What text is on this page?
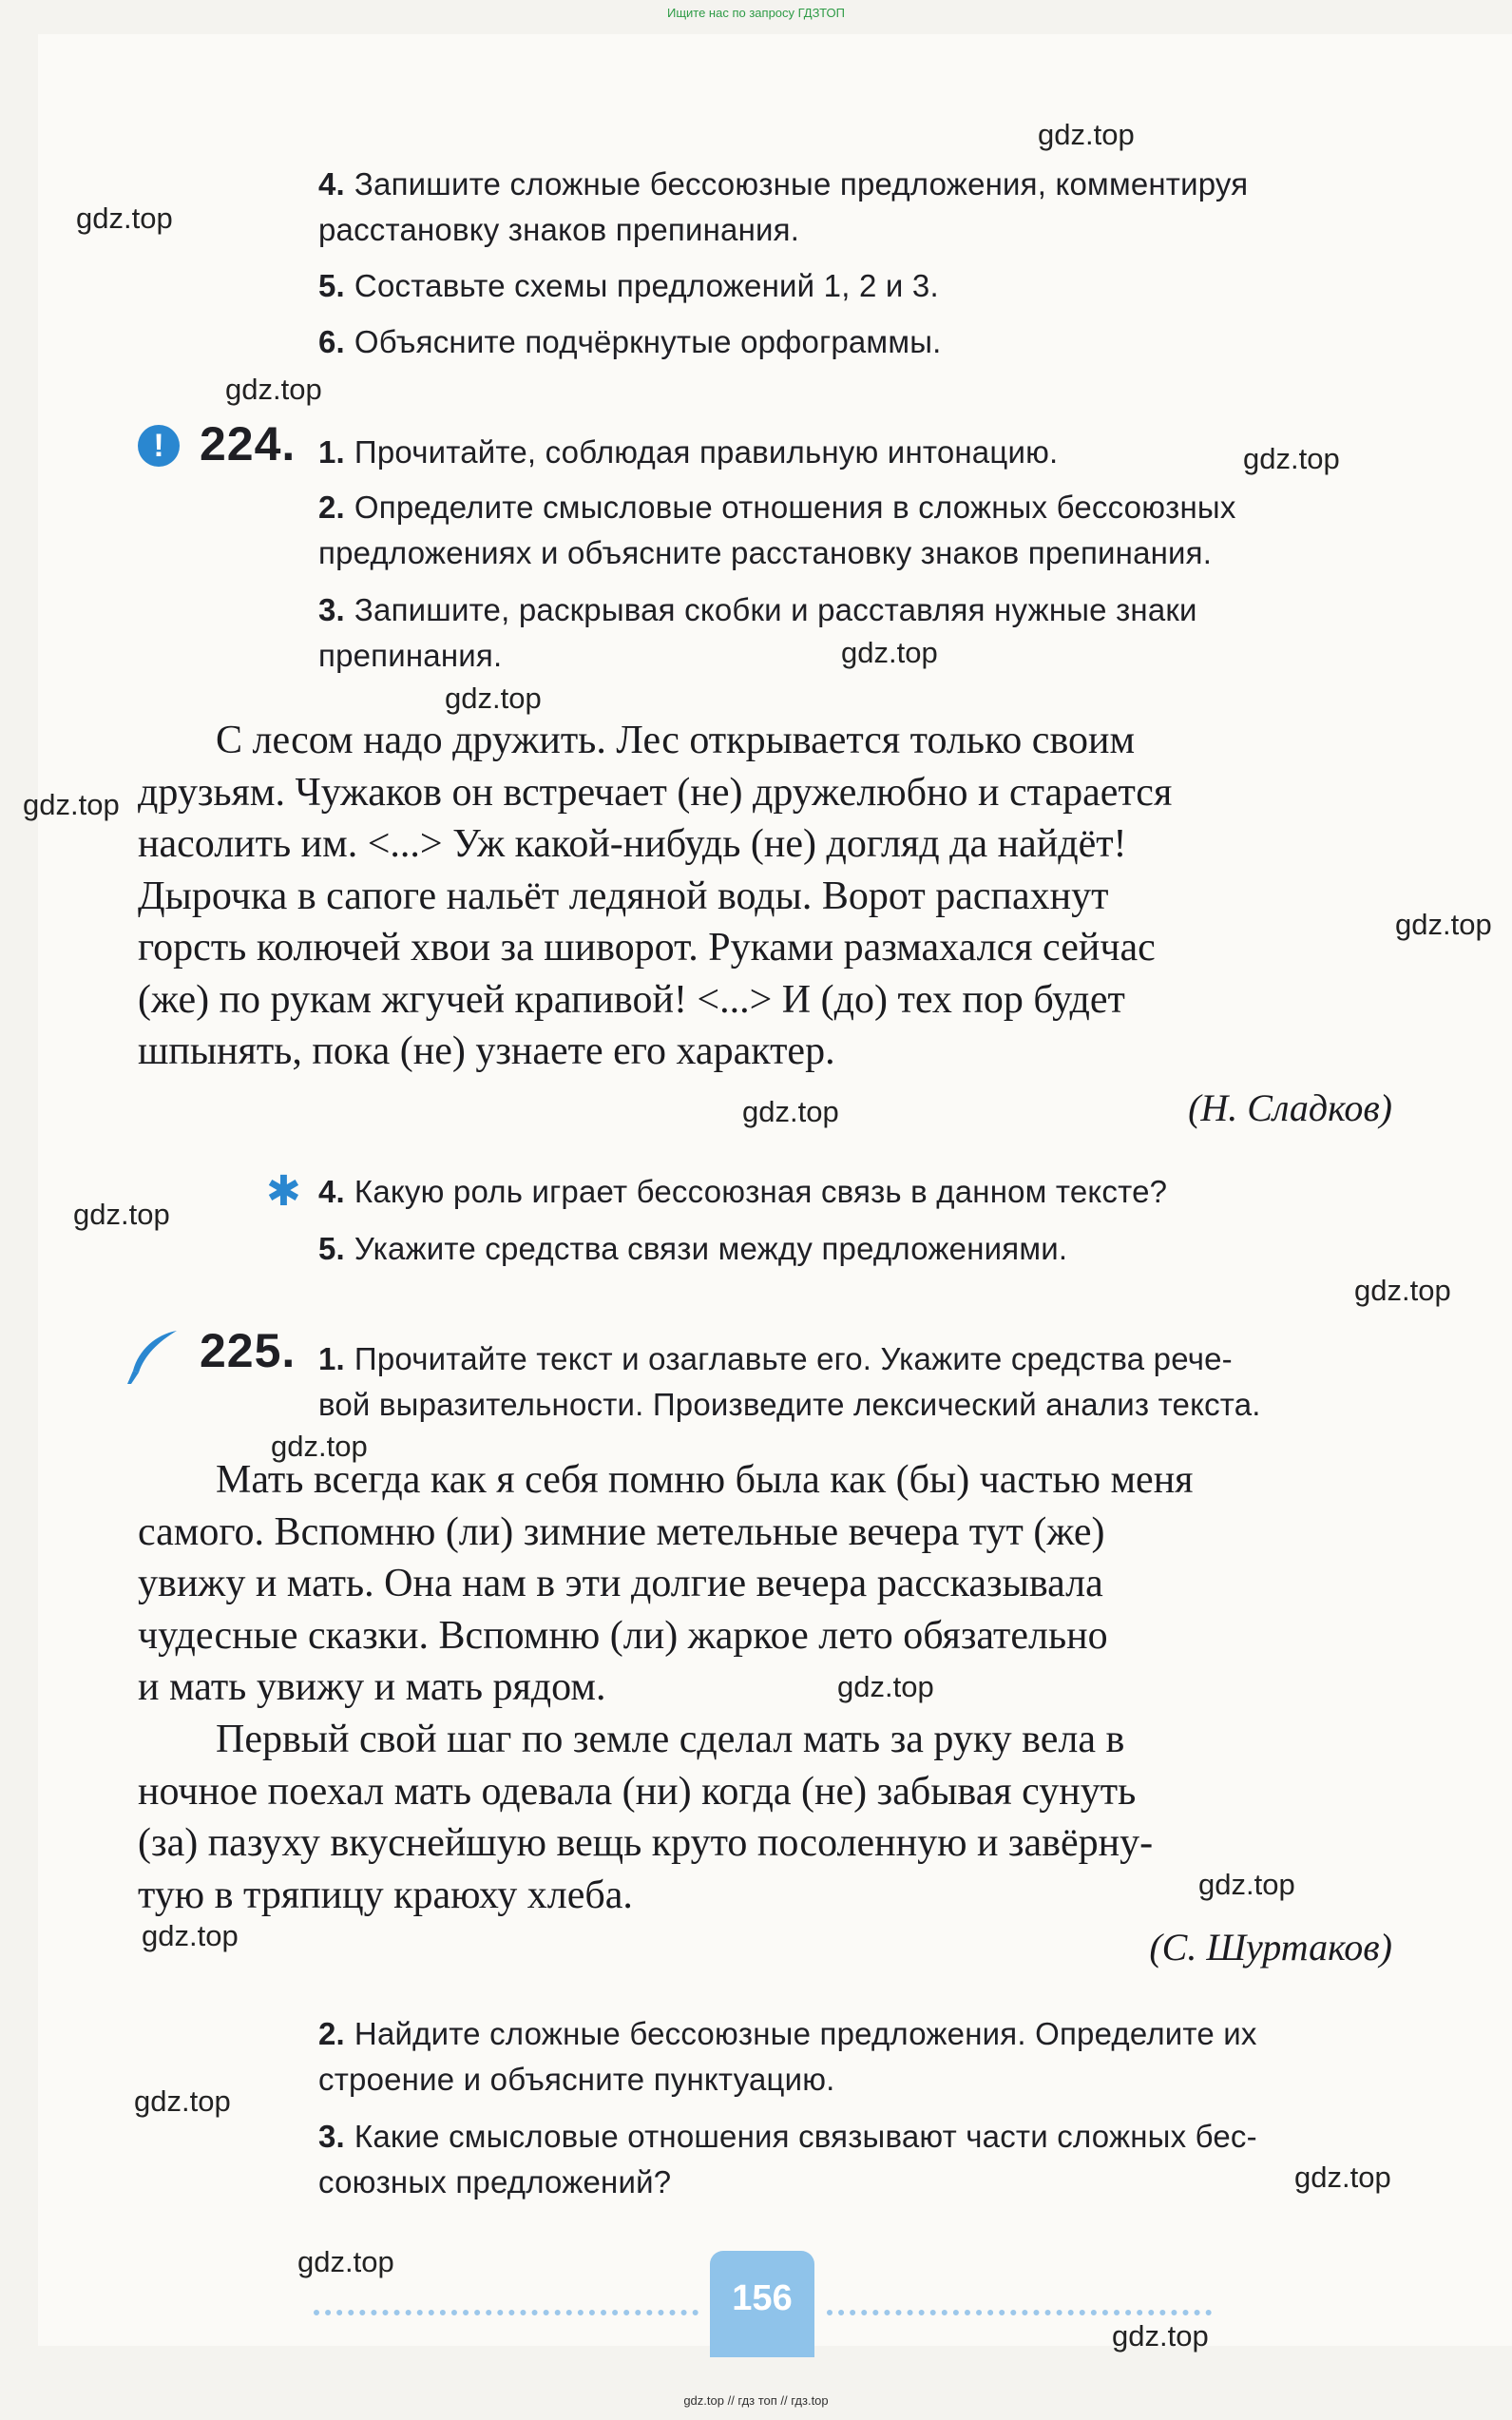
Ищите нас по запросу ГДЗТОП
4. Запишите сложные бессоюзные предложения, комментируя
расстановку знаков препинания.
5. Составьте схемы предложений 1, 2 и 3.
6. Объясните подчёркнутые орфограммы.
! 224. 1. Прочитайте, соблюдая правильную интонацию.
2. Определите смысловые отношения в сложных бессоюзных
предложениях и объясните расстановку знаков препинания.
3. Запишите, раскрывая скобки и расставляя нужные знаки
препинания.
С лесом надо дружить. Лес открывается только своим
друзьям. Чужаков он встречает (не) дружелюбно и старается
насолить им. <...> Уж какой-нибудь (не) догляд да найдёт!
Дырочка в сапоге нальёт ледяной воды. Ворот распахнут
горсть колючей хвои за шиворот. Руками размахался сейчас
(же) по рукам жгучей крапивой! <...> И (до) тех пор будет
шпынять, пока (не) узнаете его характер.
(Н. Сладков)
✱ 4. Какую роль играет бессоюзная связь в данном тексте?
5. Укажите средства связи между предложениями.
225. 1. Прочитайте текст и озаглавьте его. Укажите средства рече-
вой выразительности. Произведите лексический анализ текста.
Мать всегда как я себя помню была как (бы) частью меня
самого. Вспомню (ли) зимние метельные вечера тут (же)
увижу и мать. Она нам в эти долгие вечера рассказывала
чудесные сказки. Вспомню (ли) жаркое лето обязательно
и мать увижу и мать рядом.
Первый свой шаг по земле сделал мать за руку вела в
ночное поехал мать одевала (ни) когда (не) забывая сунуть
(за) пазуху вкуснейшую вещь круто посоленную и завёрну-
тую в тряпицу краюху хлеба.
(С. Шуртаков)
2. Найдите сложные бессоюзные предложения. Определите их
строение и объясните пунктуацию.
3. Какие смысловые отношения связывают части сложных бес-
союзных предложений?
156
gdz.top
gdz.top
gdz.top
gdz.top
gdz.top
gdz.top
gdz.top
gdz.top
gdz.top
gdz.top
gdz.top
gdz.top
gdz.top
gdz.top
gdz.top
gdz.top
gdz.top
gdz.top
gdz.top
gdz.top // гдз топ // гдз.top
